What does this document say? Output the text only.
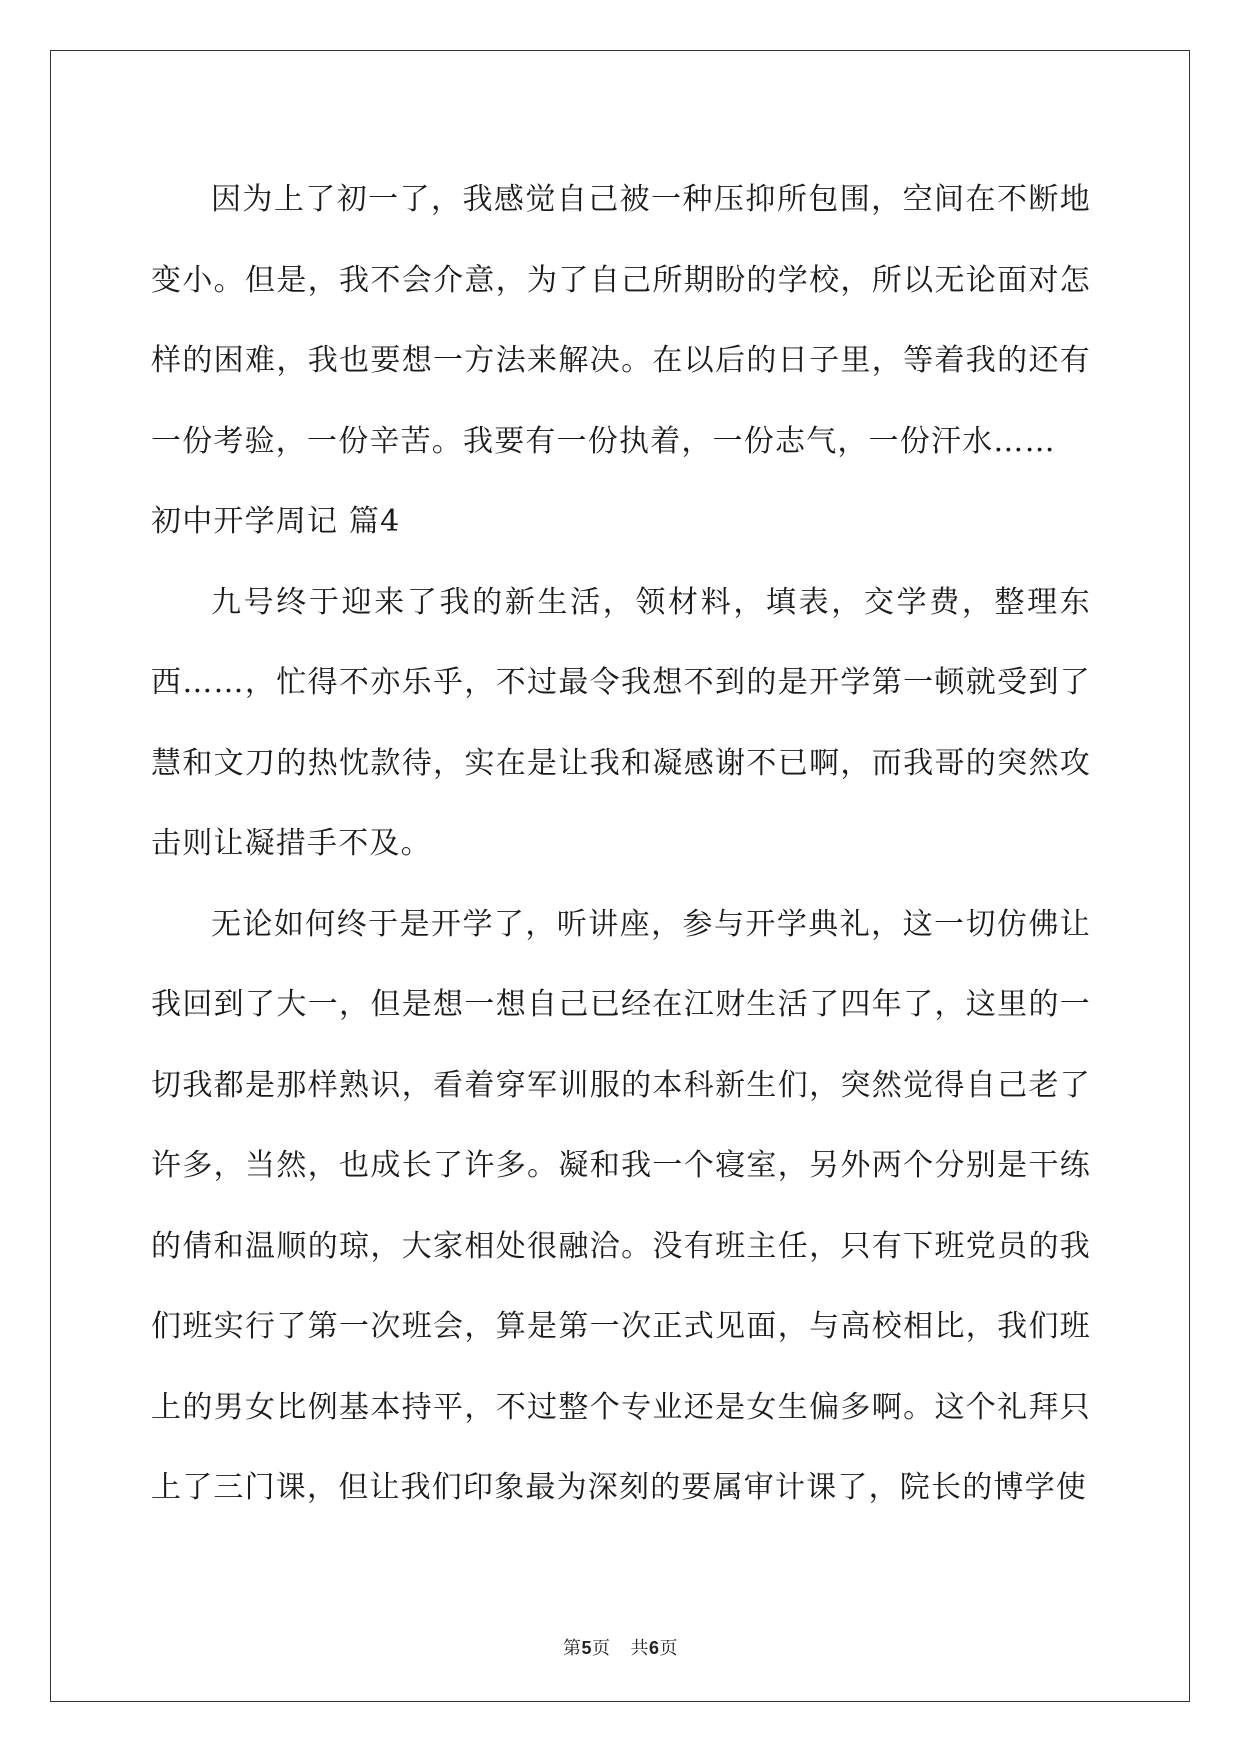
因为上了初一了，我感觉自己被一种压抑所包围，空间在不断地变小。但是，我不会介意，为了自己所期盼的学校，所以无论面对怎样的困难，我也要想一方法来解决。在以后的日子里，等着我的还有一份考验，一份辛苦。我要有一份执着，一份志气，一份汗水……

初中开学周记 篇4

九号终于迎来了我的新生活，领材料，填表，交学费，整理东西……，忙得不亦乐乎，不过最令我想不到的是开学第一顿就受到了慧和文刀的热忱款待，实在是让我和凝感谢不已啊，而我哥的突然攻击则让凝措手不及。

无论如何终于是开学了，听讲座，参与开学典礼，这一切仿佛让我回到了大一，但是想一想自己已经在江财生活了四年了，这里的一切我都是那样熟识，看着穿军训服的本科新生们，突然觉得自己老了许多，当然，也成长了许多。凝和我一个寝室，另外两个分别是干练的倩和温顺的琼，大家相处很融洽。没有班主任，只有下班党员的我们班实行了第一次班会，算是第一次正式见面，与高校相比，我们班上的男女比例基本持平，不过整个专业还是女生偏多啊。这个礼拜只上了三门课，但让我们印象最为深刻的要属审计课了，院长的博学使

第5页 共6页
